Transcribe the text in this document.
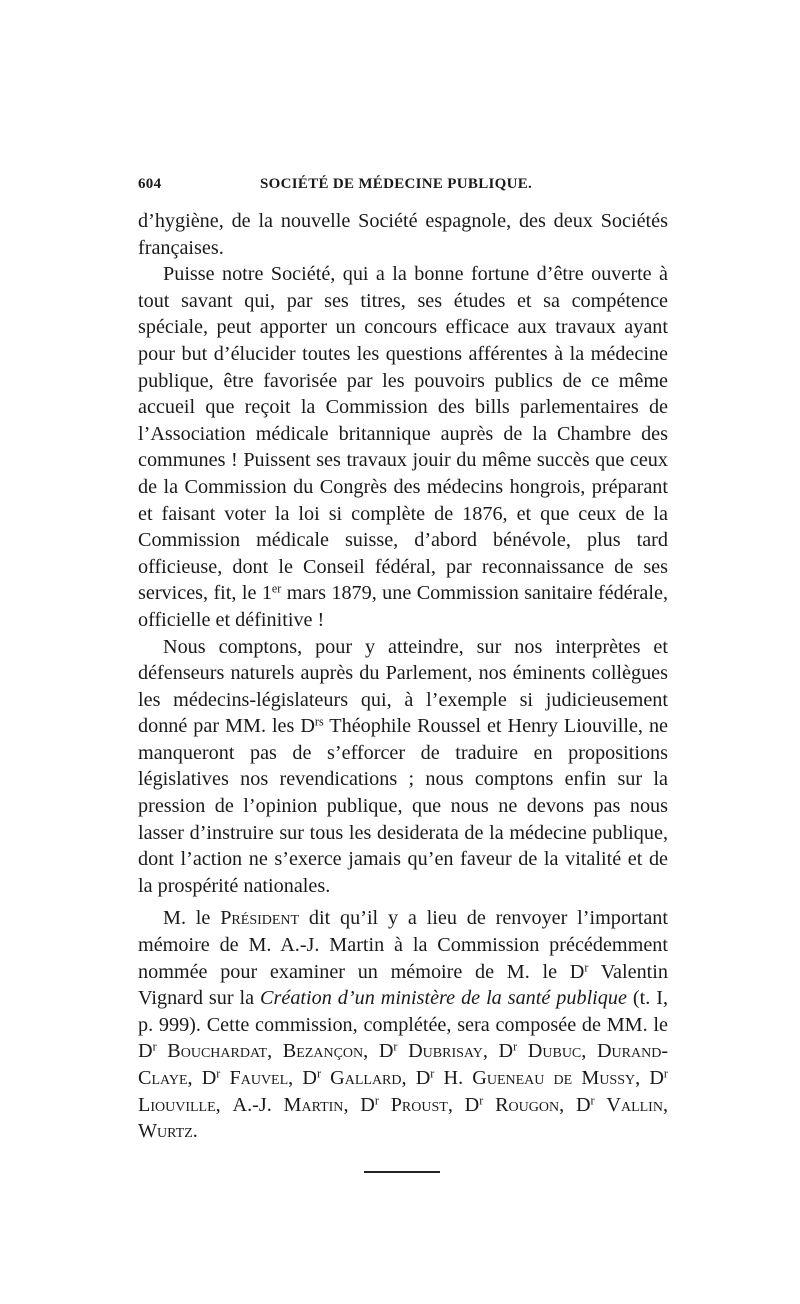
604	SOCIÉTÉ DE MÉDECINE PUBLIQUE.

d’hygiène, de la nouvelle Société espagnole, des deux Sociétés françaises.

Puisse notre Société, qui a la bonne fortune d’être ouverte à tout savant qui, par ses titres, ses études et sa compétence spéciale, peut apporter un concours efficace aux travaux ayant pour but d’élucider toutes les questions afférentes à la médecine publique, être favorisée par les pouvoirs publics de ce même accueil que reçoit la Commission des bills parlementaires de l’Association médicale britannique auprès de la Chambre des communes ! Puissent ses travaux jouir du même succès que ceux de la Commission du Congrès des médecins hongrois, préparant et faisant voter la loi si complète de 1876, et que ceux de la Commission médicale suisse, d’abord bénévole, plus tard officieuse, dont le Conseil fédéral, par reconnaissance de ses services, fit, le 1er mars 1879, une Commission sanitaire fédérale, officielle et définitive !

Nous comptons, pour y atteindre, sur nos interprètes et défenseurs naturels auprès du Parlement, nos éminents collègues les médecins-législateurs qui, à l’exemple si judicieusement donné par MM. les $D^{rs}$ Théophile Roussel et Henry Liouville, ne manqueront pas de s’efforcer de traduire en propositions législatives nos revendications ; nous comptons enfin sur la pression de l’opinion publique, que nous ne devons pas nous lasser d’instruire sur tous les desiderata de la médecine publique, dont l’action ne s’exerce jamais qu’en faveur de la vitalité et de la prospérité nationales.

M. le Président dit qu’il y a lieu de renvoyer l’important mémoire de M. A.-J. Martin à la Commission précédemment nommée pour examiner un mémoire de M. le $D^r$ Valentin Vignard sur la Création d’un ministère de la santé publique (t. I, p. 999). Cette commission, complétée, sera composée de MM. le $D^r$ Bouchardat, Bezançon, $D^r$ Dubrisay, $D^r$ Dubuc, Durand-Claye, $D^r$ Fauvel, $D^r$ Gallard, $D^r$ H. Gueneau de Mussy, $D^r$ Liouville, A.-J. Martin, $D^r$ Proust, $D^r$ Rougon, $D^r$ Vallin, Wurtz.
